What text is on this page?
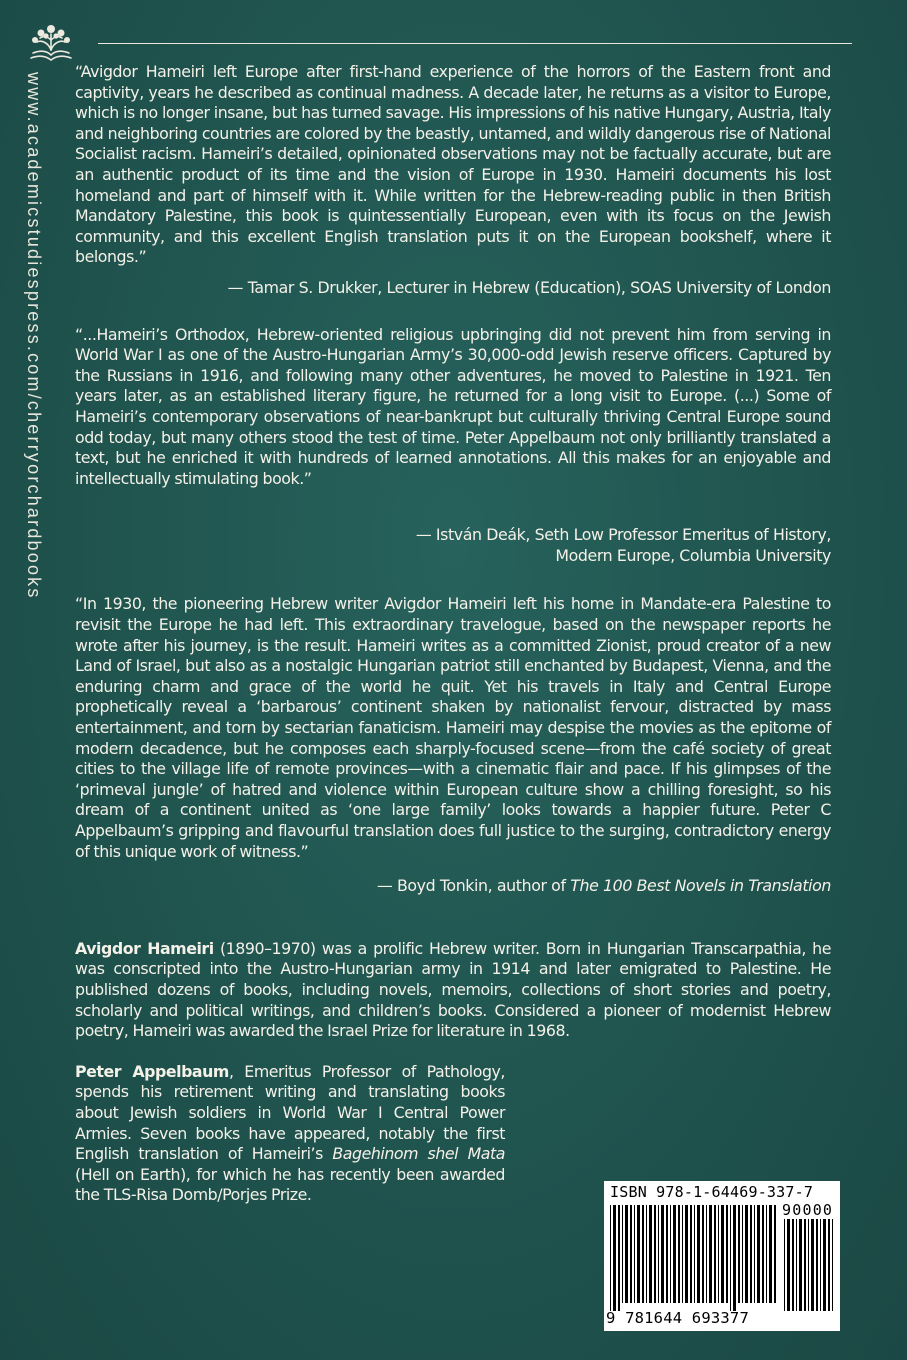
www.academicstudiespress.com/cherryorchardbooks

“Avigdor Hameiri left Europe after first-hand experience of the horrors of the Eastern front and captivity, years he described as continual madness. A decade later, he returns as a visitor to Europe, which is no longer insane, but has turned savage. His impressions of his native Hungary, Austria, Italy and neighboring countries are colored by the beastly, untamed, and wildly dangerous rise of National Socialist racism. Hameiri’s detailed, opinionated observations may not be factually accurate, but are an authentic product of its time and the vision of Europe in 1930. Hameiri documents his lost homeland and part of himself with it. While written for the Hebrew-reading public in then British Mandatory Palestine, this book is quintessentially European, even with its focus on the Jewish community, and this excellent English translation puts it on the European bookshelf, where it belongs.”

— Tamar S. Drukker, Lecturer in Hebrew (Education), SOAS University of London

“...Hameiri’s Orthodox, Hebrew-oriented religious upbringing did not prevent him from serving in World War I as one of the Austro-Hungarian Army’s 30,000-odd Jewish reserve officers. Captured by the Russians in 1916, and following many other adventures, he moved to Palestine in 1921. Ten years later, as an established literary figure, he returned for a long visit to Europe. (...) Some of Hameiri’s contemporary observations of near-bankrupt but culturally thriving Central Europe sound odd today, but many others stood the test of time. Peter Appelbaum not only brilliantly translated a text, but he enriched it with hundreds of learned annotations. All this makes for an enjoyable and intellectually stimulating book.”

— István Deák, Seth Low Professor Emeritus of History,

Modern Europe, Columbia University

“In 1930, the pioneering Hebrew writer Avigdor Hameiri left his home in Mandate-era Palestine to revisit the Europe he had left. This extraordinary travelogue, based on the newspaper reports he wrote after his journey, is the result. Hameiri writes as a committed Zionist, proud creator of a new Land of Israel, but also as a nostalgic Hungarian patriot still enchanted by Budapest, Vienna, and the enduring charm and grace of the world he quit. Yet his travels in Italy and Central Europe prophetically reveal a ‘barbarous’ continent shaken by nationalist fervour, distracted by mass entertainment, and torn by sectarian fanaticism. Hameiri may despise the movies as the epitome of modern decadence, but he composes each sharply-focused scene—from the café society of great cities to the village life of remote provinces—with a cinematic flair and pace. If his glimpses of the ‘primeval jungle’ of hatred and violence within European culture show a chilling foresight, so his dream of a continent united as ‘one large family’ looks towards a happier future. Peter C Appelbaum’s gripping and flavourful translation does full justice to the surging, contradictory energy of this unique work of witness.”

— Boyd Tonkin, author of The 100 Best Novels in Translation

Avigdor Hameiri (1890–1970) was a prolific Hebrew writer. Born in Hungarian Transcarpathia, he was conscripted into the Austro-Hungarian army in 1914 and later emigrated to Palestine. He published dozens of books, including novels, memoirs, collections of short stories and poetry, scholarly and political writings, and children’s books. Considered a pioneer of modernist Hebrew poetry, Hameiri was awarded the Israel Prize for literature in 1968.

Peter Appelbaum, Emeritus Professor of Pathology, spends his retirement writing and translating books about Jewish soldiers in World War I Central Power Armies. Seven books have appeared, notably the first English translation of Hameiri’s Bagehinom shel Mata (Hell on Earth), for which he has recently been awarded the TLS-Risa Domb/Porjes Prize.	ISBN 978-1-64469-337-7
90000
9 781644 693377
